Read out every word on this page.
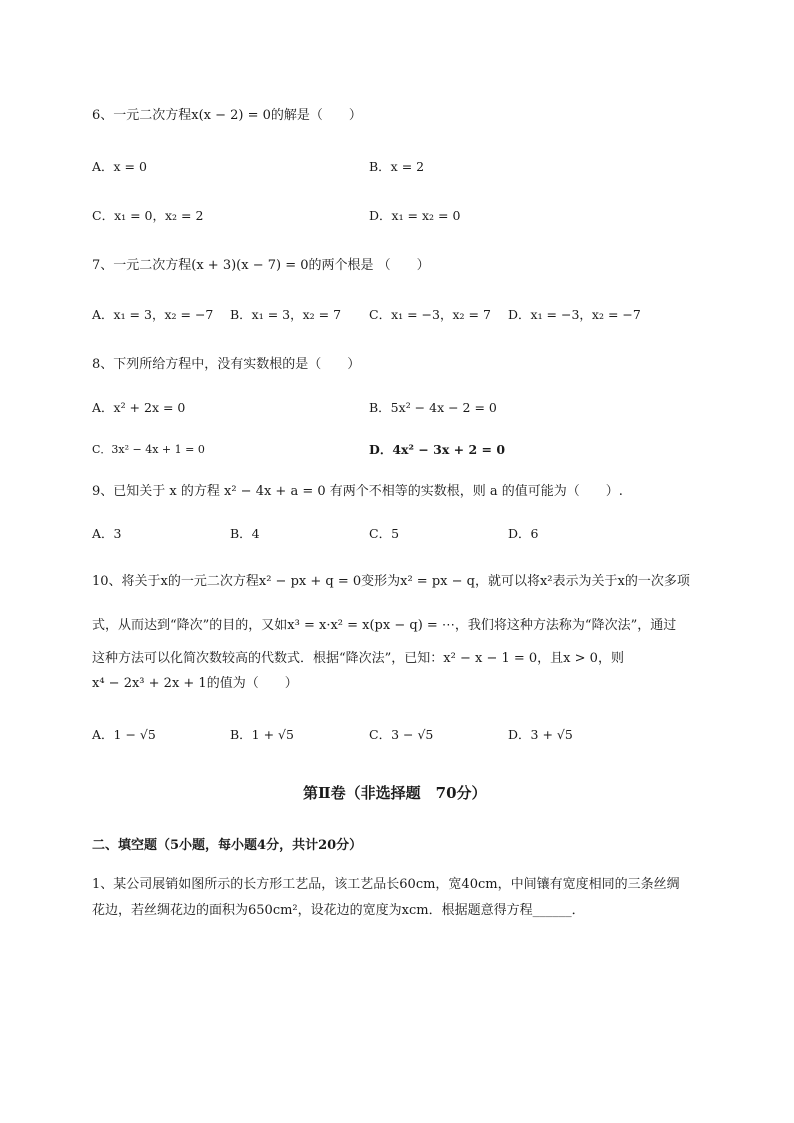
6、一元二次方程x(x − 2) = 0的解是（　　）
A．x = 0	B．x = 2
C．x₁ = 0，x₂ = 2	D．x₁ = x₂ = 0
7、一元二次方程(x + 3)(x − 7) = 0的两个根是 （　　）
A．x₁ = 3，x₂ = −7 B．x₁ = 3，x₂ = 7 C．x₁ = −3，x₂ = 7 D．x₁ = −3，x₂ = −7
8、下列所给方程中，没有实数根的是（　　）
A．x² + 2x = 0	B．5x² − 4x − 2 = 0
C．3x² − 4x + 1 = 0	D．4x² − 3x + 2 = 0
9、已知关于 x 的方程 x² − 4x + a = 0 有两个不相等的实数根，则 a 的值可能为（　　）.
A．3	B．4	C．5	D．6
10、将关于x的一元二次方程x² − px + q = 0变形为x² = px − q，就可以将x²表示为关于x的一次多项
式，从而达到“降次”的目的，又如x³ = x·x² = x(px − q) = ⋯，我们将这种方法称为“降次法”，通过
这种方法可以化简次数较高的代数式．根据“降次法”，已知：x² − x − 1 = 0，且x > 0，则
x⁴ − 2x³ + 2x + 1的值为（　　）
A．1 − √5	B．1 + √5	C．3 − √5	D．3 + √5
第Ⅱ卷（非选择题　70分）
二、填空题（5小题，每小题4分，共计20分）
1、某公司展销如图所示的长方形工艺品，该工艺品长60cm，宽40cm，中间镶有宽度相同的三条丝绸
花边，若丝绸花边的面积为650cm²，设花边的宽度为xcm．根据题意得方程______．
